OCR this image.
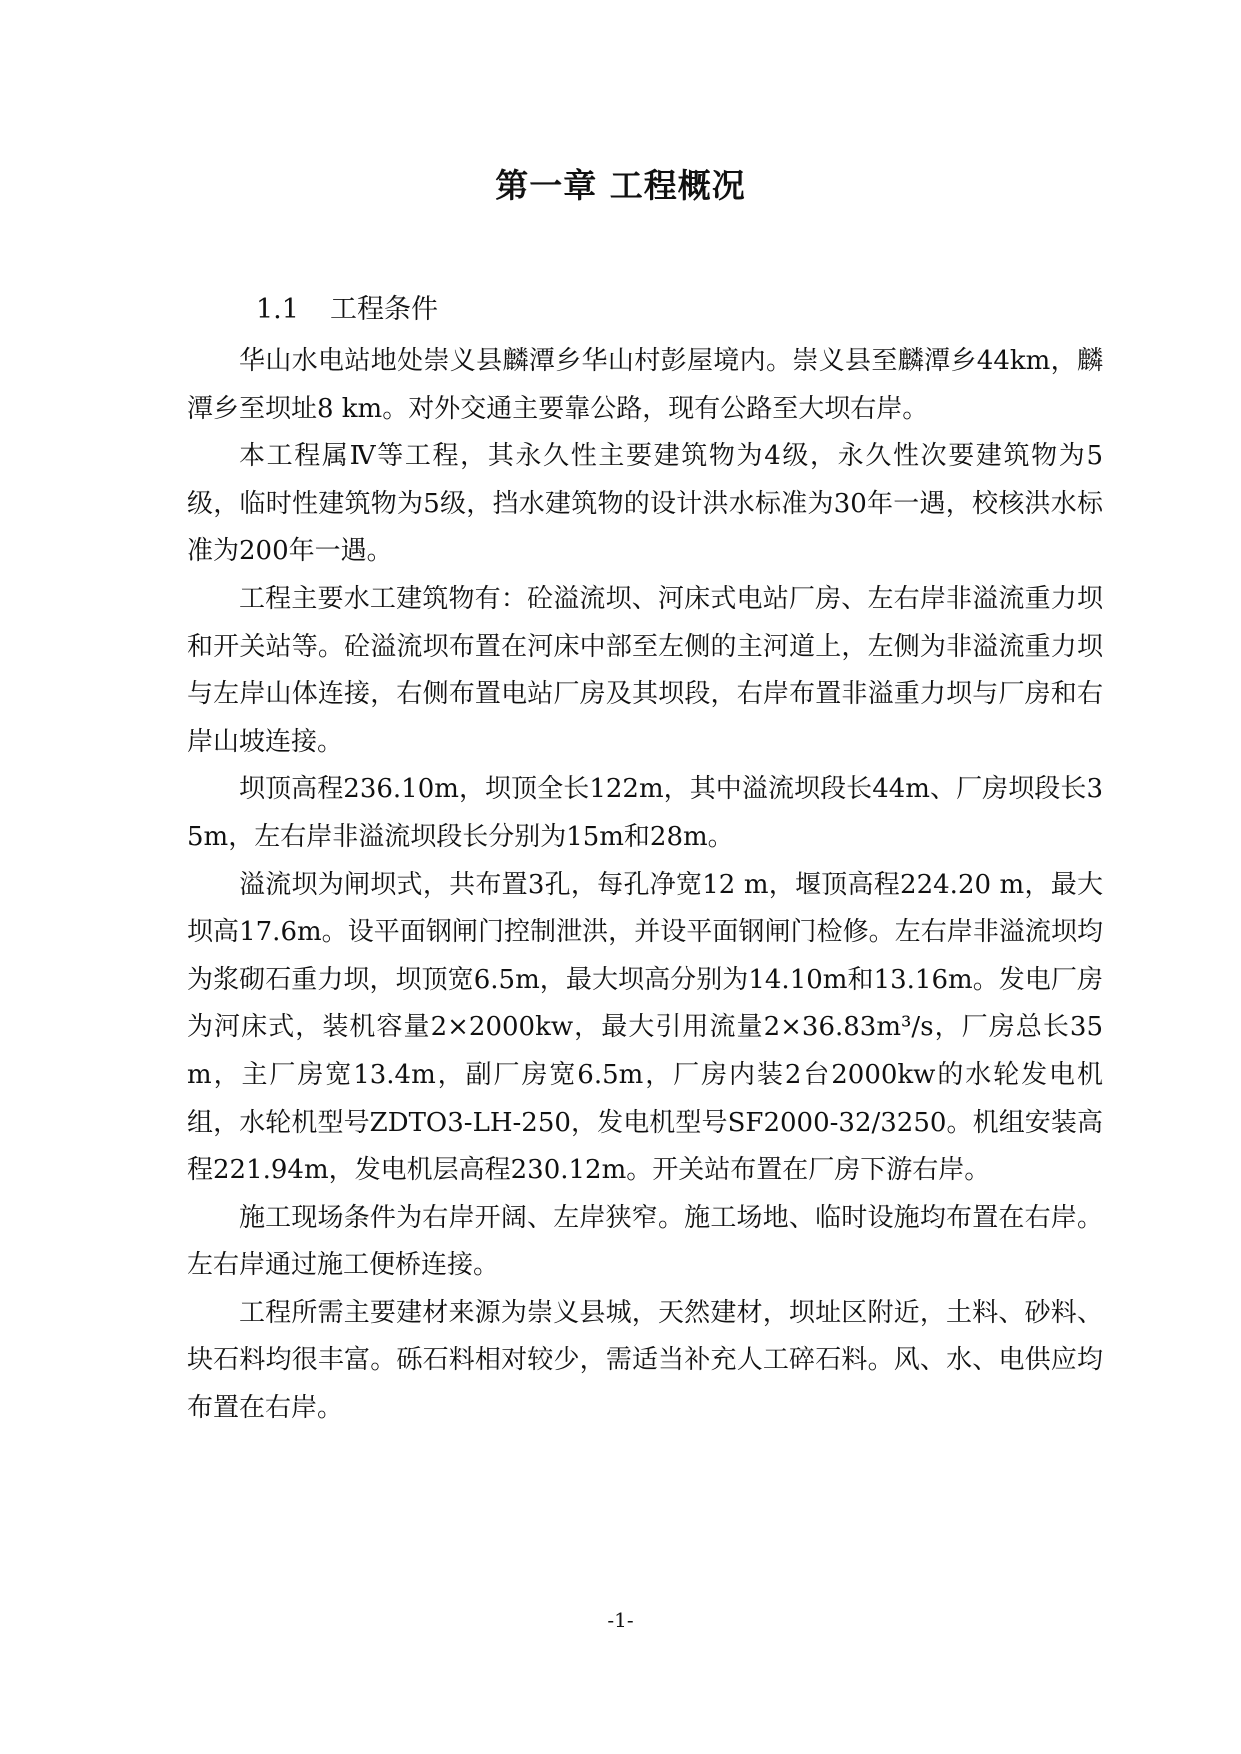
第一章 工程概况
1.1 工程条件

华山水电站地处崇义县麟潭乡华山村彭屋境内。崇义县至麟潭乡44km，麟潭乡至坝址8 km。对外交通主要靠公路，现有公路至大坝右岸。

本工程属Ⅳ等工程，其永久性主要建筑物为4级，永久性次要建筑物为5级，临时性建筑物为5级，挡水建筑物的设计洪水标准为30年一遇，校核洪水标准为200年一遇。

工程主要水工建筑物有：砼溢流坝、河床式电站厂房、左右岸非溢流重力坝和开关站等。砼溢流坝布置在河床中部至左侧的主河道上，左侧为非溢流重力坝与左岸山体连接，右侧布置电站厂房及其坝段，右岸布置非溢重力坝与厂房和右岸山坡连接。

坝顶高程236.10m，坝顶全长122m，其中溢流坝段长44m、厂房坝段长35m，左右岸非溢流坝段长分别为15m和28m。

溢流坝为闸坝式，共布置3孔，每孔净宽12 m，堰顶高程224.20 m，最大坝高17.6m。设平面钢闸门控制泄洪，并设平面钢闸门检修。左右岸非溢流坝均为浆砌石重力坝，坝顶宽6.5m，最大坝高分别为14.10m和13.16m。发电厂房为河床式，装机容量2×2000kw，最大引用流量2×36.83m³/s，厂房总长35m，主厂房宽13.4m，副厂房宽6.5m，厂房内装2台2000kw的水轮发电机组，水轮机型号ZDTO3-LH-250，发电机型号SF2000-32/3250。机组安装高程221.94m，发电机层高程230.12m。开关站布置在厂房下游右岸。

施工现场条件为右岸开阔、左岸狭窄。施工场地、临时设施均布置在右岸。左右岸通过施工便桥连接。

工程所需主要建材来源为崇义县城，天然建材，坝址区附近，土料、砂料、块石料均很丰富。砾石料相对较少，需适当补充人工碎石料。风、水、电供应均布置在右岸。

-1-
